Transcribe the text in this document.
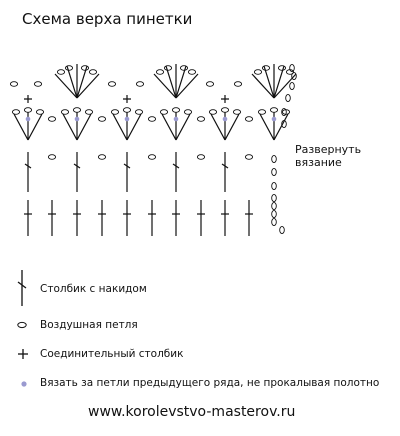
Схема верха пинетки
Развернуть вязание
Столбик с накидом
Воздушная петля
Соединительный столбик
Вязать за петли предыдущего ряда, не прокалывая полотно
www.korolevstvo-masterov.ru
